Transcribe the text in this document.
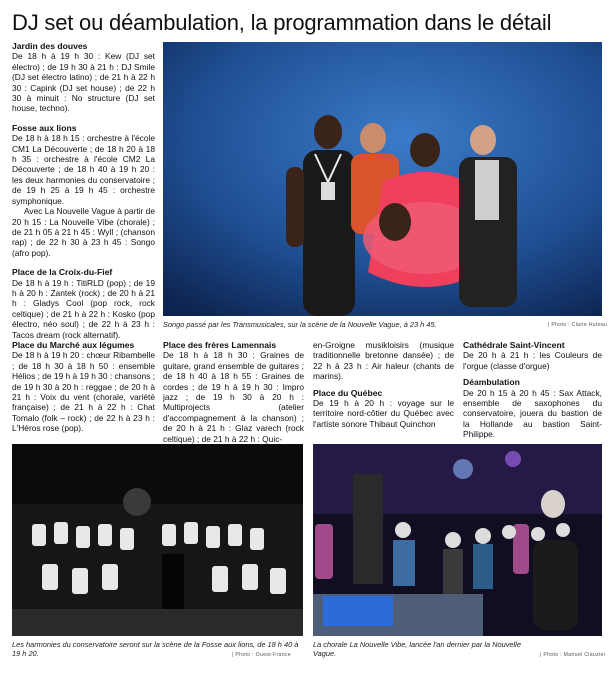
DJ set ou déambulation, la programmation dans le détail

Jardin des douves

De 18 h à 19 h 30 : Kew (DJ set électro) ; de 19 h 30 à 21 h : DJ Smile (DJ set électro latino) ; de 21 h à 22 h 30 : Capink (DJ set house) ; de 22 h 30 à minuit : No structure (DJ set house, techno).

Fosse aux lions

De 18 h à 18 h 15 : orchestre à l'école CM1 La Découverte ; de 18 h 20 à 18 h 35 : orchestre à l'école CM2 La Découverte ; de 18 h 40 à 19 h 20 : les deux harmonies du conservatoire ; de 19 h 25 à 19 h 45 : orchestre symphonique.

Avec La Nouvelle Vague à partir de 20 h 15 : La Nouvelle Vibe (chorale) ; de 21 h 05 à 21 h 45 : Wyll ; (chanson rap) ; de 22 h 30 à 23 h 45 : Songo (afro pop).

Place de la Croix-du-Fief

De 18 h à 19 h : TitiRLD (pop) ; de 19 h à 20 h : Zantek (rock) ; de 20 h à 21 h : Gladys Cool (pop rock, rock celtique) ; de 21 h à 22 h : Kosko (pop électro, néo soul) ; de 22 h à 23 h : Tacos dream (rock alternatif).

Songo passé par les Transmusicales, sur la scène de la Nouvelle Vague, à 23 h 45.	| Photo : Claire Huteau

Place du Marché aux légumes

De 18 h à 19 h 20 : chœur Ribambelle ; de 18 h 30 à 18 h 50 : ensemble Hélios ; de 19 h à 19 h 30 : chansons ; de 19 h 30 à 20 h : reggae ; de 20 h à 21 h : Voix du vent (chorale, variété française) ; de 21 h à 22 h : Chat Tomalo (folk – rock) ; de 22 h à 23 h : L'Héros rose (pop).

Place des frères Lamennais

De 18 h à 18 h 30 : Graines de guitare, grand ensemble de guitares ; de 18 h 40 à 18 h 55 : Graines de cordes ; de 19 h à 19 h 30 : Impro jazz ; de 19 h 30 à 20 h : Multiprojects (atelier d'accompagnement à la chanson) ; de 20 h à 21 h : Glaz varech (rock celtique) ; de 21 h à 22 h : Quic-

en-Groigne musikloisirs (musique traditionnelle bretonne dansée) ; de 22 h à 23 h : Air haleur (chants de marins).

Place du Québec

De 19 h à 20 h : voyage sur le territoire nord-côtier du Québec avec l'artiste sonore Thibaut Quinchon

Cathédrale Saint-Vincent

De 20 h à 21 h : les Couleurs de l'orgue (classe d'orgue)

Déambulation

De 20 h 15 à 20 h 45 : Sax Attack, ensemble de saxophones du conservatoire, jouera du bastion de la Hollande au bastion Saint-Philippe.

Les harmonies du conservatoire seront sur la scène de la Fosse aux lions, de 18 h 40 à 19 h 20.	| Photo : Ouest-France
La chorale La Nouvelle Vibe, lancée l'an dernier par la Nouvelle Vague.	| Photo : Manuel Clauzier
